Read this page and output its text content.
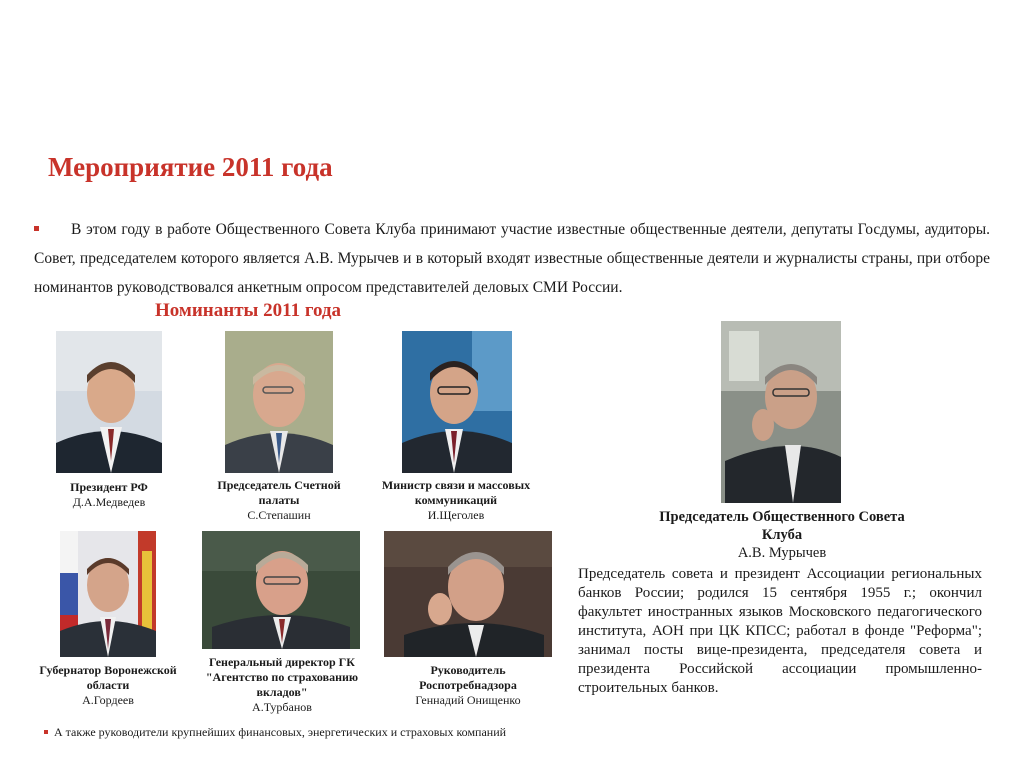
Мероприятие 2011 года
В этом году в работе Общественного Совета Клуба принимают участие известные общественные деятели, депутаты Госдумы, аудиторы. Совет, председателем которого является А.В. Мурычев и в который входят известные общественные деятели и журналисты страны, при отборе номинантов руководствовался анкетным опросом представителей деловых СМИ России.
Номинанты 2011 года
Президент РФ
Д.А.Медведев
Председатель Счетной палаты
С.Степашин
Министр связи и массовых коммуникаций
И.Щеголев
Губернатор Воронежской области
А.Гордеев
Генеральный директор ГК "Агентство по страхованию вкладов"
А.Турбанов
Руководитель Роспотребнадзора
Геннадий Онищенко
Председатель Общественного Совета Клуба
А.В. Мурычев
Председатель совета и президент Ассоциации региональных банков России; родился 15 сентября 1955 г.; окончил факультет иностранных языков Московского педагогического института, АОН при ЦК КПСС; работал в фонде "Реформа"; занимал посты вице-президента, председателя совета и президента Российской ассоциации промышленно-строительных банков.
А также руководители крупнейших финансовых, энергетических и страховых компаний
